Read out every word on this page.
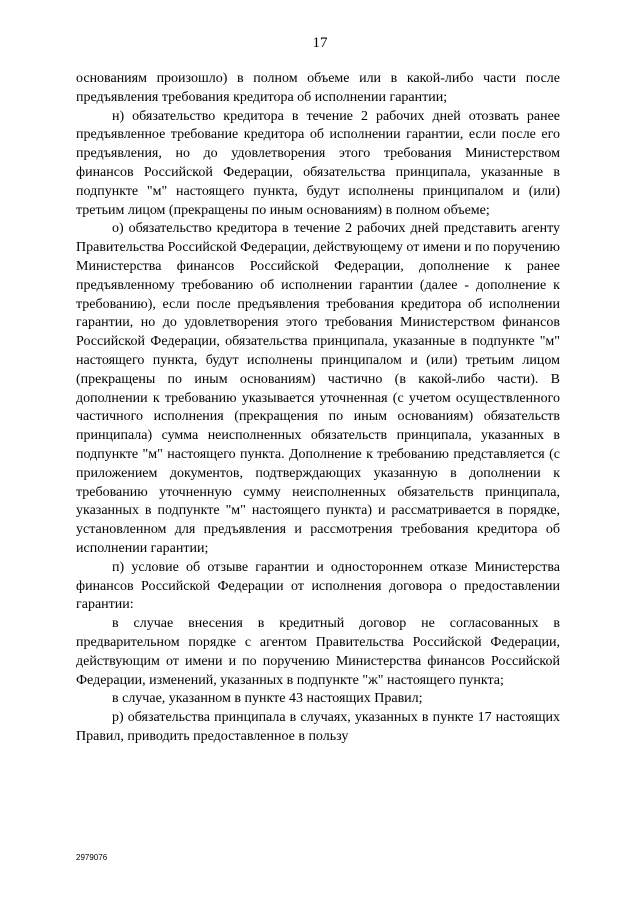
17

основаниям произошло) в полном объеме или в какой-либо части после предъявления требования кредитора об исполнении гарантии;

н) обязательство кредитора в течение 2 рабочих дней отозвать ранее предъявленное требование кредитора об исполнении гарантии, если после его предъявления, но до удовлетворения этого требования Министерством финансов Российской Федерации, обязательства принципала, указанные в подпункте "м" настоящего пункта, будут исполнены принципалом и (или) третьим лицом (прекращены по иным основаниям) в полном объеме;

о) обязательство кредитора в течение 2 рабочих дней представить агенту Правительства Российской Федерации, действующему от имени и по поручению Министерства финансов Российской Федерации, дополнение к ранее предъявленному требованию об исполнении гарантии (далее - дополнение к требованию), если после предъявления требования кредитора об исполнении гарантии, но до удовлетворения этого требования Министерством финансов Российской Федерации, обязательства принципала, указанные в подпункте "м" настоящего пункта, будут исполнены принципалом и (или) третьим лицом (прекращены по иным основаниям) частично (в какой-либо части). В дополнении к требованию указывается уточненная (с учетом осуществленного частичного исполнения (прекращения по иным основаниям) обязательств принципала) сумма неисполненных обязательств принципала, указанных в подпункте "м" настоящего пункта. Дополнение к требованию представляется (с приложением документов, подтверждающих указанную в дополнении к требованию уточненную сумму неисполненных обязательств принципала, указанных в подпункте "м" настоящего пункта) и рассматривается в порядке, установленном для предъявления и рассмотрения требования кредитора об исполнении гарантии;

п) условие об отзыве гарантии и одностороннем отказе Министерства финансов Российской Федерации от исполнения договора о предоставлении гарантии:

в случае внесения в кредитный договор не согласованных в предварительном порядке с агентом Правительства Российской Федерации, действующим от имени и по поручению Министерства финансов Российской Федерации, изменений, указанных в подпункте "ж" настоящего пункта;

в случае, указанном в пункте 43 настоящих Правил;

р) обязательства принципала в случаях, указанных в пункте 17 настоящих Правил, приводить предоставленное в пользу

2979076
